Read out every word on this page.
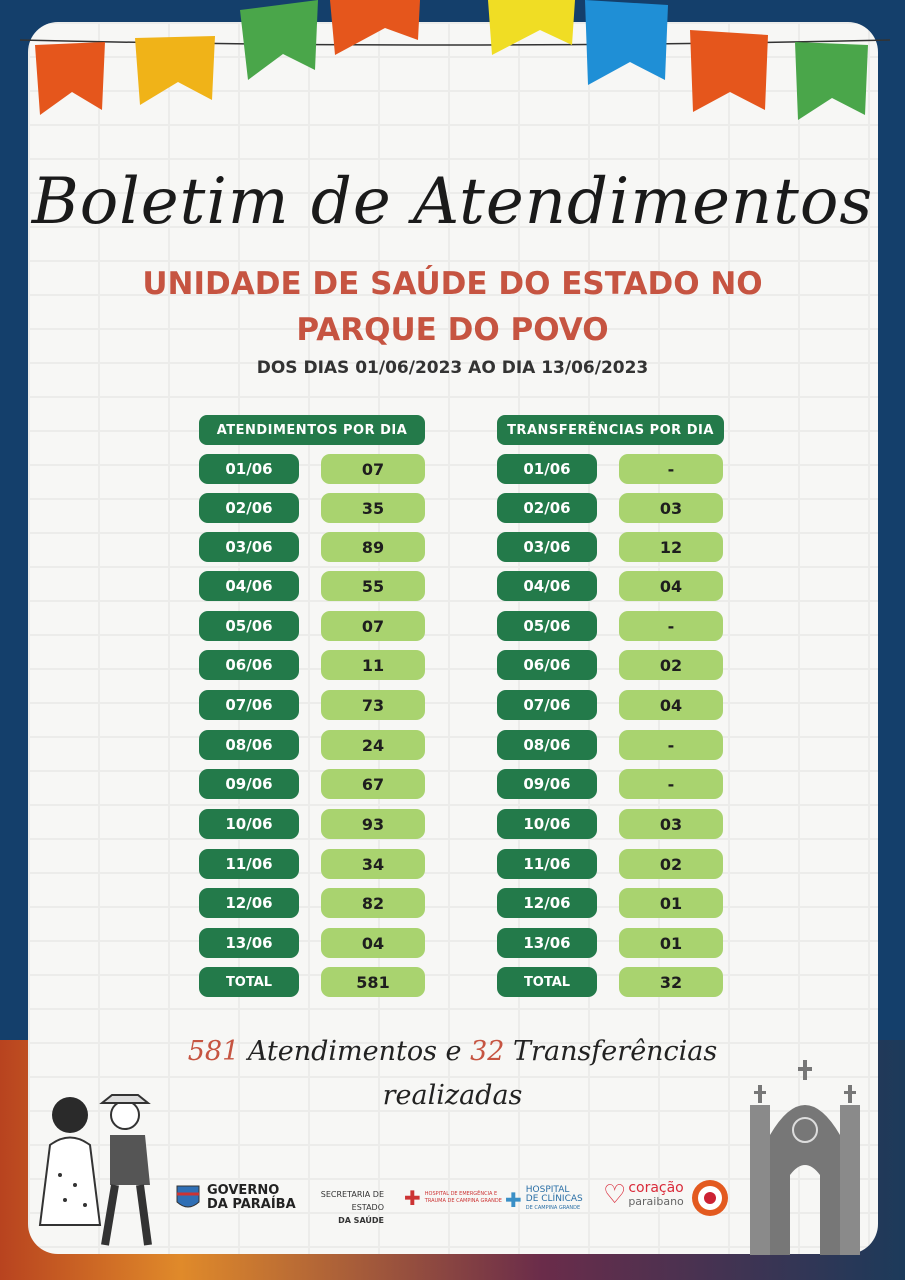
Boletim de Atendimentos
UNIDADE DE SAÚDE DO ESTADO NO
PARQUE DO POVO
DOS DIAS 01/06/2023 AO DIA 13/06/2023
ATENDIMENTOS POR DIA
01/06	07
02/06	35
03/06	89
04/06	55
05/06	07
06/06	11
07/06	73
08/06	24
09/06	67
10/06	93
11/06	34
12/06	82
13/06	04
TOTAL	581
TRANSFERÊNCIAS POR DIA
01/06	-
02/06	03
03/06	12
04/06	04
05/06	-
06/06	02
07/06	04
08/06	-
09/06	-
10/06	03
11/06	02
12/06	01
13/06	01
TOTAL	32
581 Atendimentos e 32 Transferências
realizadas
GOVERNO
DA PARAÍBA
SECRETARIA DE ESTADO
DA SAÚDE
✚ HOSPITAL DE EMERGÊNCIA E TRAUMA DE CAMPINA GRANDE ✚ HOSPITAL
DE CLÍNICAS
DE CAMPINA GRANDE ♡ coração
paraibano
